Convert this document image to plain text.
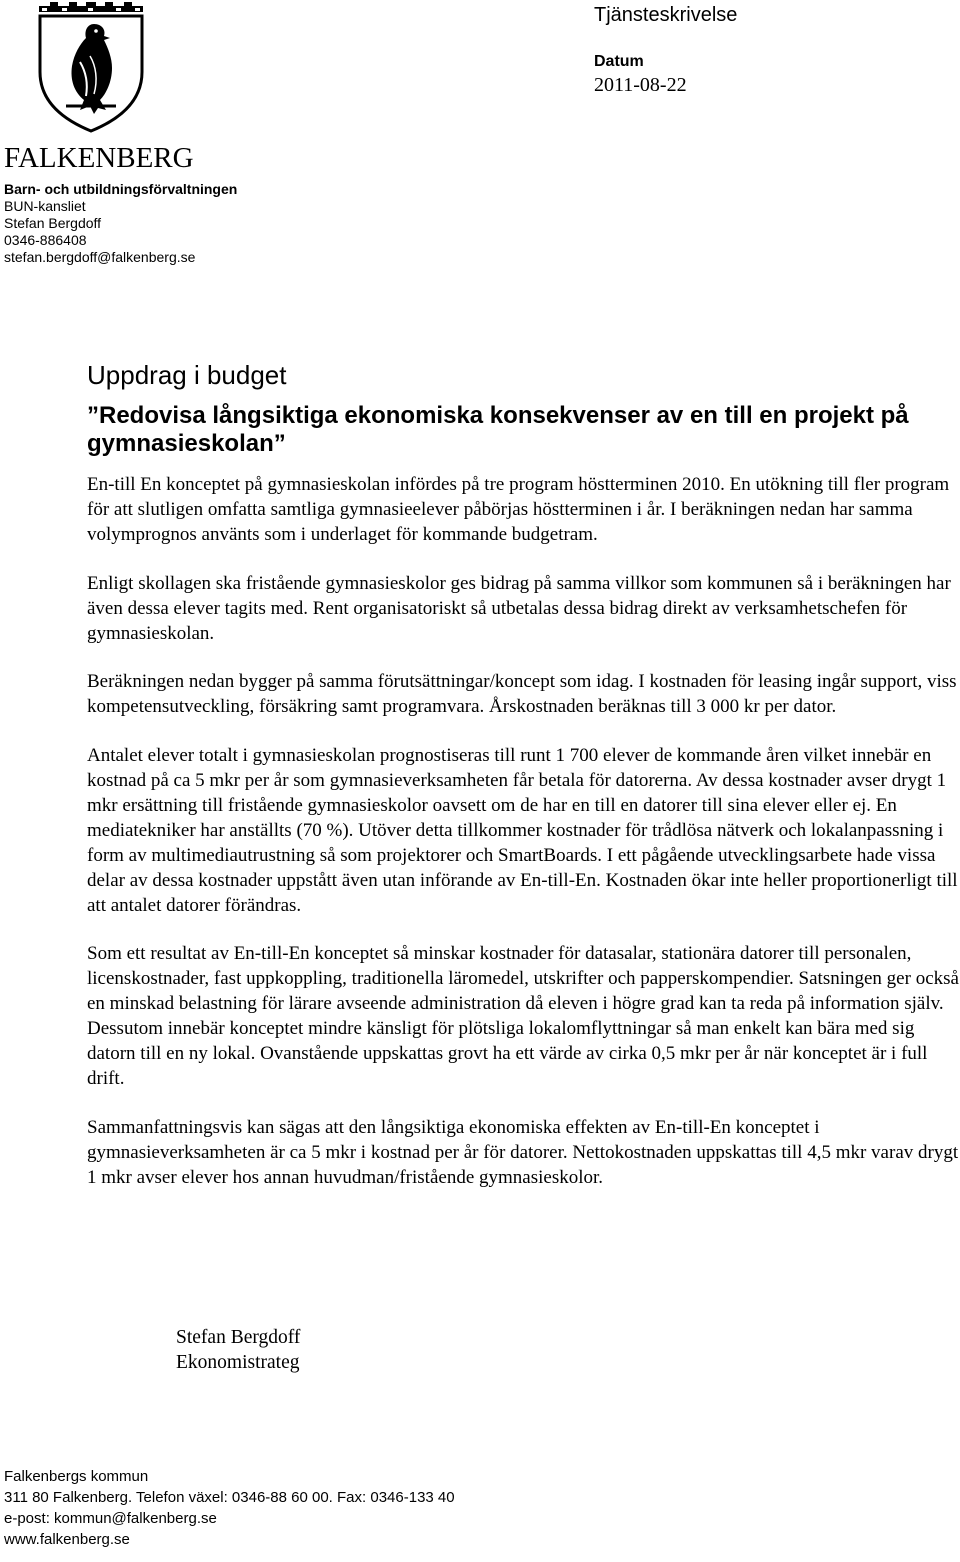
FALKENBERG
Barn- och utbildningsförvaltningen
BUN-kansliet
Stefan Bergdoff
0346-886408
stefan.bergdoff@falkenberg.se
Tjänsteskrivelse
Datum
2011-08-22
Uppdrag i budget
”Redovisa långsiktiga ekonomiska konsekvenser av en till en projekt på gymnasieskolan”

En-till En konceptet på gymnasieskolan infördes på tre program höstterminen 2010. En utökning till fler program för att slutligen omfatta samtliga gymnasieelever påbörjas höstterminen i år. I beräkningen nedan har samma volymprognos använts som i underlaget för kommande budgetram.

Enligt skollagen ska fristående gymnasieskolor ges bidrag på samma villkor som kommunen så i beräkningen har även dessa elever tagits med. Rent organisatoriskt så utbetalas dessa bidrag direkt av verksamhetschefen för gymnasieskolan.

Beräkningen nedan bygger på samma förutsättningar/koncept som idag. I kostnaden för leasing ingår support, viss kompetensutveckling, försäkring samt programvara. Årskostnaden beräknas till 3 000 kr per dator.

Antalet elever totalt i gymnasieskolan prognostiseras till runt 1 700 elever de kommande åren vilket innebär en kostnad på ca 5 mkr per år som gymnasieverksamheten får betala för datorerna. Av dessa kostnader avser drygt 1 mkr ersättning till fristående gymnasieskolor oavsett om de har en till en datorer till sina elever eller ej. En mediatekniker har anställts (70 %). Utöver detta tillkommer kostnader för trådlösa nätverk och lokalanpassning i form av multimediautrustning så som projektorer och SmartBoards. I ett pågående utvecklingsarbete hade vissa delar av dessa kostnader uppstått även utan införande av En-till-En. Kostnaden ökar inte heller proportionerligt till att antalet datorer förändras.

Som ett resultat av En-till-En konceptet så minskar kostnader för datasalar, stationära datorer till personalen, licenskostnader, fast uppkoppling, traditionella läromedel, utskrifter och papperskompendier. Satsningen ger också en minskad belastning för lärare avseende administration då eleven i högre grad kan ta reda på information själv. Dessutom innebär konceptet mindre känsligt för plötsliga lokalomflyttningar så man enkelt kan bära med sig datorn till en ny lokal. Ovanstående uppskattas grovt ha ett värde av cirka 0,5 mkr per år när konceptet är i full drift.

Sammanfattningsvis kan sägas att den långsiktiga ekonomiska effekten av En-till-En konceptet i gymnasieverksamheten är ca 5 mkr i kostnad per år för datorer. Nettokostnaden uppskattas till 4,5 mkr varav drygt 1 mkr avser elever hos annan huvudman/fristående gymnasieskolor.

Stefan Bergdoff
Ekonomistrateg
Falkenbergs kommun
311 80 Falkenberg. Telefon växel: 0346-88 60 00. Fax: 0346-133 40
e-post: kommun@falkenberg.se
www.falkenberg.se
